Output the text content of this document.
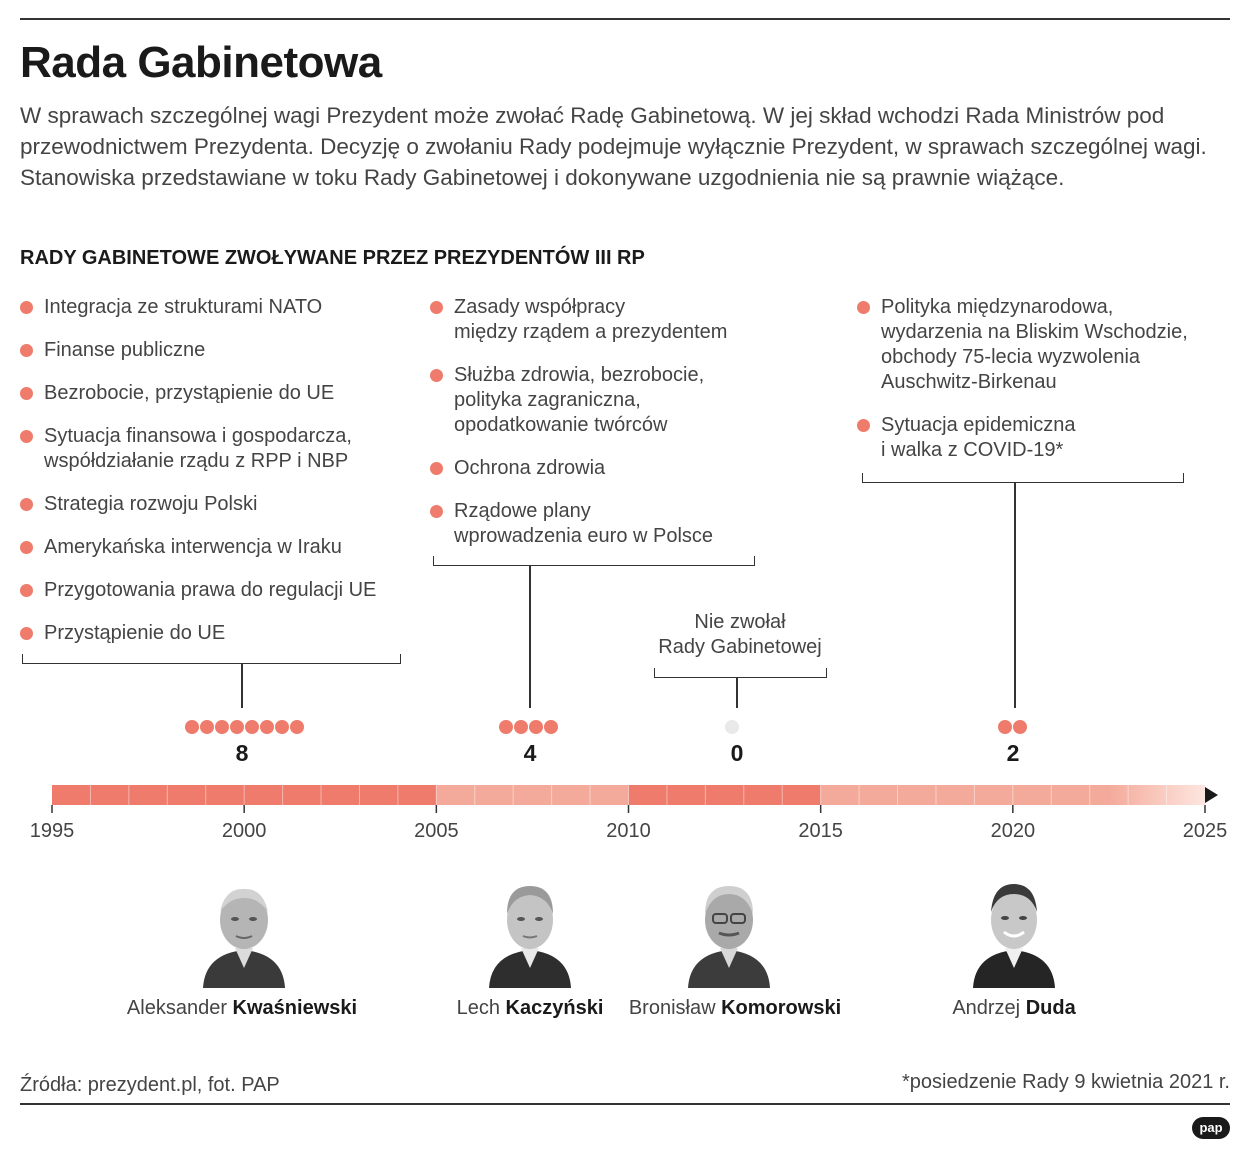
Rada Gabinetowa

W sprawach szczególnej wagi Prezydent może zwołać Radę Gabinetową. W jej skład wchodzi Rada Ministrów pod przewodnictwem Prezydenta. Decyzję o zwołaniu Rady podejmuje wyłącznie Prezydent, w sprawach szczególnej wagi. Stanowiska przedstawiane w toku Rady Gabinetowej i dokonywane uzgodnienia nie są prawnie wiążące.

RADY GABINETOWE ZWOŁYWANE PRZEZ PREZYDENTÓW III RP
Integracja ze strukturami NATO
Finanse publiczne
Bezrobocie, przystąpienie do UE
Sytuacja finansowa i gospodarcza,
współdziałanie rządu z RPP i NBP
Strategia rozwoju Polski
Amerykańska interwencja w Iraku
Przygotowania prawa do regulacji UE
Przystąpienie do UE
Zasady współpracy
między rządem a prezydentem
Służba zdrowia, bezrobocie,
polityka zagraniczna,
opodatkowanie twórców
Ochrona zdrowia
Rządowe plany
wprowadzenia euro w Polsce
Polityka międzynarodowa,
wydarzenia na Bliskim Wschodzie,
obchody 75-lecia wyzwolenia
Auschwitz-Birkenau
Sytuacja epidemiczna
i walka z COVID-19*
Nie zwołał
Rady Gabinetowej
8	4	0	2
1995	2000	2005	2010	2015	2020	2025
Aleksander Kwaśniewski	Lech Kaczyński	Bronisław Komorowski	Andrzej Duda
Źródła: prezydent.pl, fot. PAP	*posiedzenie Rady 9 kwietnia 2021 r.
pap
